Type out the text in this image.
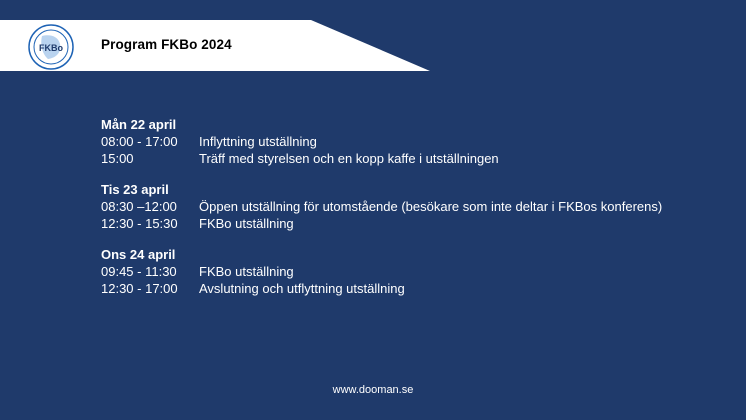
FKBo	Program FKBo 2024
Mån 22 april
08:00 - 17:00 Inflyttning utställning
15:00	Träff med styrelsen och en kopp kaffe i utställningen
Tis 23 april
08:30 –12:00 Öppen utställning för utomstående (besökare som inte deltar i FKBos konferens)
12:30 - 15:30 FKBo utställning
Ons 24 april
09:45 - 11:30 FKBo utställning
12:30 - 17:00 Avslutning och utflyttning utställning
www.dooman.se
